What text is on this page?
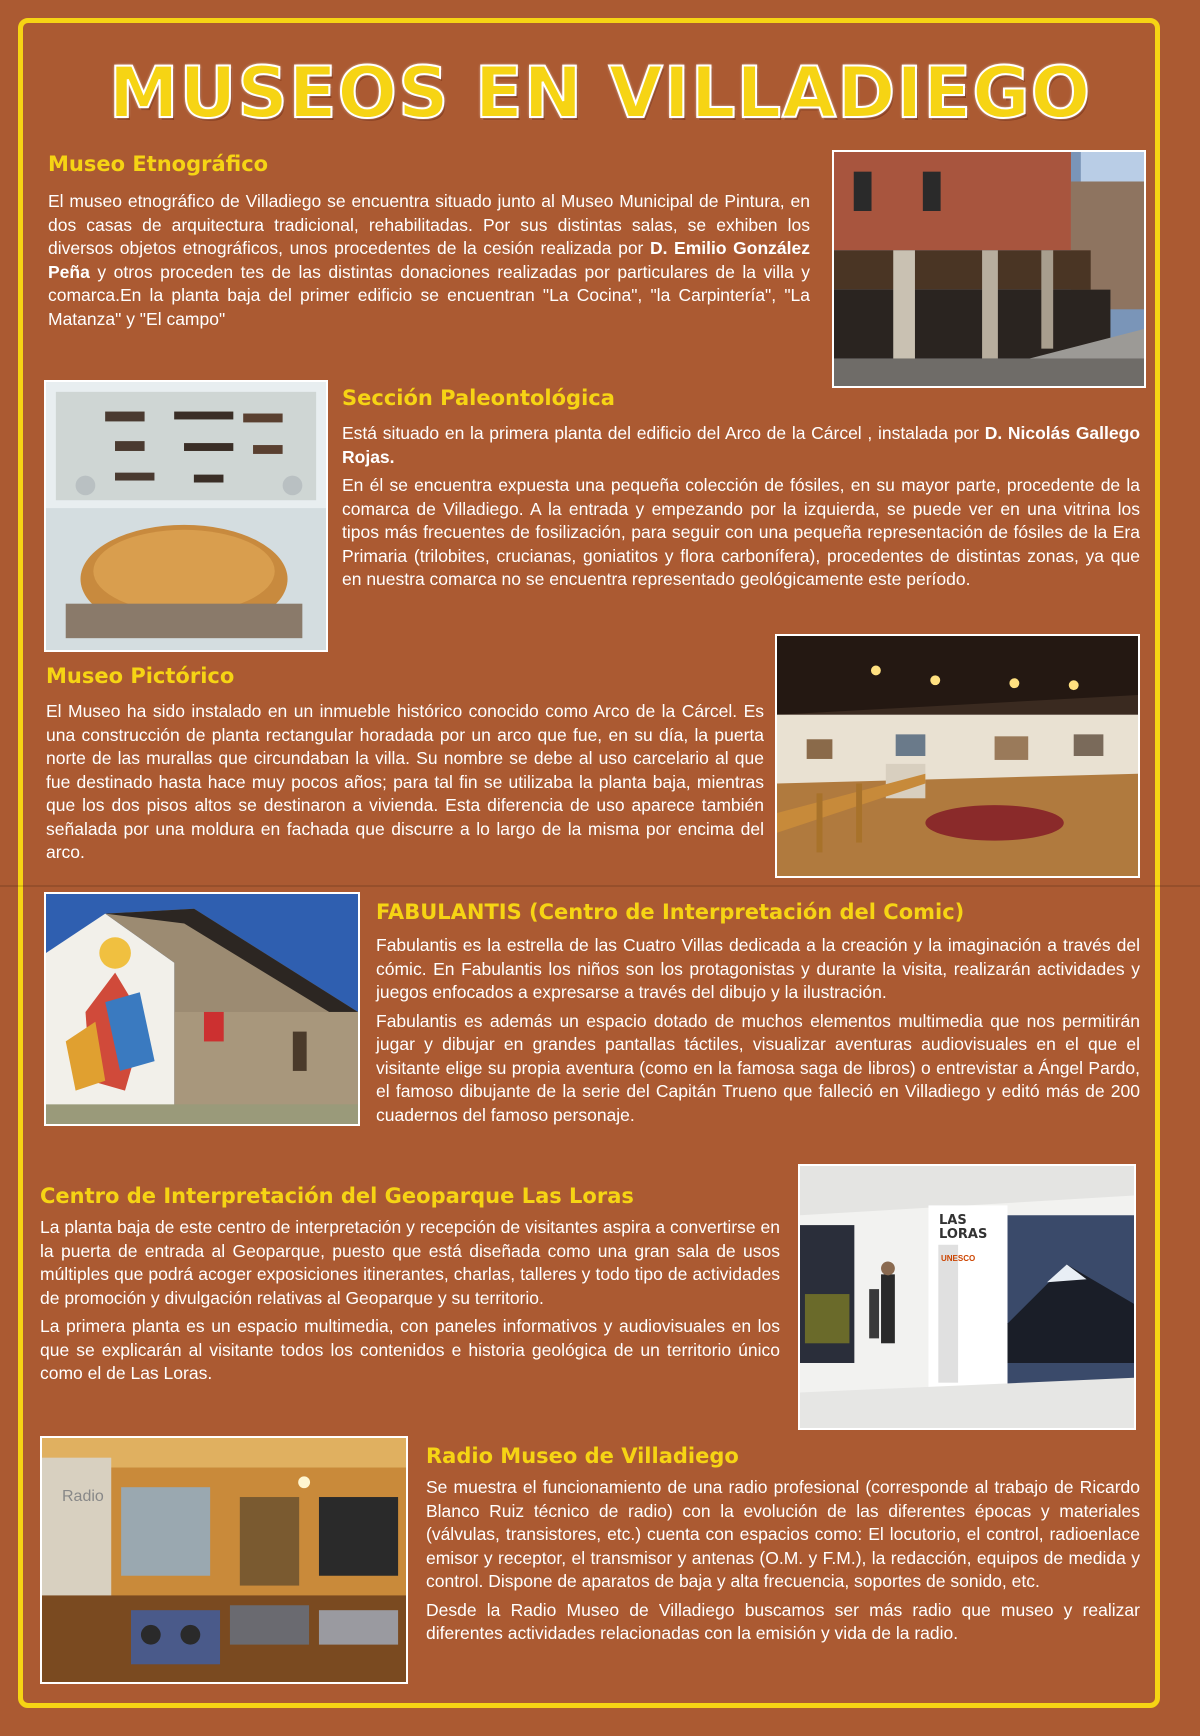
MUSEOS EN VILLADIEGO
Museo Etnográfico

El museo etnográfico de Villadiego se encuentra situado junto al Museo Municipal de Pintura, en dos casas de arquitectura tradicional, rehabilitadas. Por sus distintas salas, se exhiben los diversos objetos etnográficos, unos procedentes de la cesión realizada por D. Emilio González Peña y otros proceden tes de las distintas donaciones realizadas por particulares de la villa y comarca.En la planta baja del primer edificio se encuentran "La Cocina", "la Carpintería", "La Matanza" y "El campo"

Sección Paleontológica

Está situado en la primera planta del edificio del Arco de la Cárcel , instalada por D. Nicolás Gallego Rojas.

En él se encuentra expuesta una pequeña colección de fósiles, en su mayor parte, procedente de la comarca de Villadiego. A la entrada y empezando por la izquierda, se puede ver en una vitrina los tipos más frecuentes de fosilización, para seguir con una pequeña representación de fósiles de la Era Primaria (trilobites, crucianas, goniatitos y flora carbonífera), procedentes de distintas zonas, ya que en nuestra comarca no se encuentra representado geológicamente este período.

Museo Pictórico

El Museo ha sido instalado en un inmueble histórico conocido como Arco de la Cárcel. Es una construcción de planta rectangular horadada por un arco que fue, en su día, la puerta norte de las murallas que circundaban la villa. Su nombre se debe al uso carcelario al que fue destinado hasta hace muy pocos años; para tal fin se utilizaba la planta baja, mientras que los dos pisos altos se destinaron a vivienda. Esta diferencia de uso aparece también señalada por una moldura en fachada que discurre a lo largo de la misma por encima del arco.

FABULANTIS (Centro de Interpretación del Comic)

Fabulantis es la estrella de las Cuatro Villas dedicada a la creación y la imaginación a través del cómic. En Fabulantis los niños son los protagonistas y durante la visita, realizarán actividades y juegos enfocados a expresarse a través del dibujo y la ilustración.

Fabulantis es además un espacio dotado de muchos elementos multimedia que nos permitirán jugar y dibujar en grandes pantallas táctiles, visualizar aventuras audiovisuales en el que el visitante elige su propia aventura (como en la famosa saga de libros) o entrevistar a Ángel Pardo, el famoso dibujante de la serie del Capitán Trueno que falleció en Villadiego y editó más de 200 cuadernos del famoso personaje.

Centro de Interpretación del Geoparque Las Loras

La planta baja de este centro de interpretación y recepción de visitantes aspira a convertirse en la puerta de entrada al Geoparque, puesto que está diseñada como una gran sala de usos múltiples que podrá acoger exposiciones itinerantes, charlas, talleres y todo tipo de actividades de promoción y divulgación relativas al Geoparque y su territorio.

La primera planta es un espacio multimedia, con paneles informativos y audiovisuales en los que se explicarán al visitante todos los contenidos e historia geológica de un territorio único como el de Las Loras.

LAS LORAS
UNESCO
Radio
Radio Museo de Villadiego

Se muestra el funcionamiento de una radio profesional (corresponde al trabajo de Ricardo Blanco Ruiz técnico de radio) con la evolución de las diferentes épocas y materiales (válvulas, transistores, etc.) cuenta con espacios como: El locutorio, el control, radioenlace emisor y receptor, el transmisor y antenas (O.M. y F.M.), la redacción, equipos de medida y control. Dispone de aparatos de baja y alta frecuencia, soportes de sonido, etc.

Desde la Radio Museo de Villadiego buscamos ser más radio que museo y realizar diferentes actividades relacionadas con la emisión y vida de la radio.
